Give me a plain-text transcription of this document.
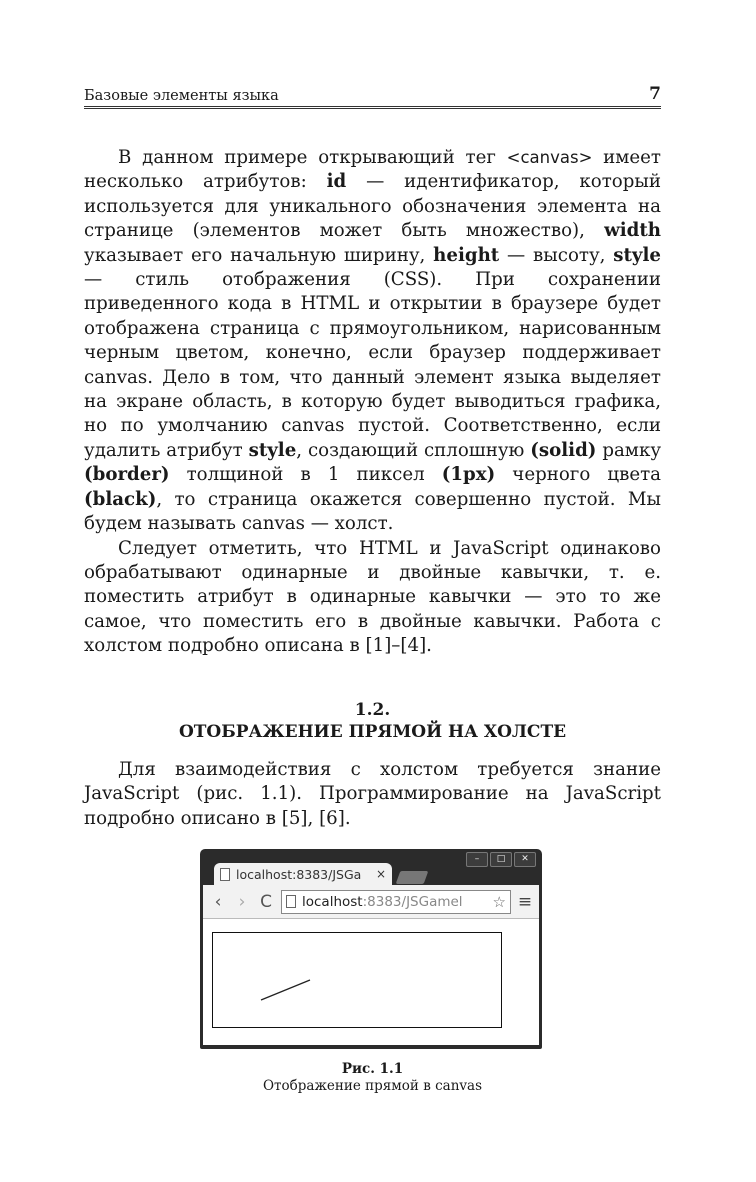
Базовые элементы языка	7

В данном примере открывающий тег <canvas> имеет несколько атрибутов: id — идентификатор, который используется для уникального обозначения элемента на странице (элементов может быть множество), width указывает его начальную ширину, height — высоту, style — стиль отображения (CSS). При сохранении приведенного кода в HTML и открытии в браузере будет отображена страница с прямоугольником, нарисованным черным цветом, конечно, если браузер поддерживает canvas. Дело в том, что данный элемент языка выделяет на экране область, в которую будет выводиться графика, но по умолчанию canvas пустой. Соответственно, если удалить атрибут style, создающий сплошную (solid) рамку (border) толщиной в 1 пиксел (1px) черного цвета (black), то страница окажется совершенно пустой. Мы будем называть canvas — холст.

Следует отметить, что HTML и JavaScript одинаково обрабатывают одинарные и двойные кавычки, т. е. поместить атрибут в одинарные кавычки — это то же самое, что поместить его в двойные кавычки. Работа с холстом подробно описана в [1]–[4].

1.2.
ОТОБРАЖЕНИЕ ПРЯМОЙ НА ХОЛСТЕ

Для взаимодействия с холстом требуется знание JavaScript (рис. 1.1). Программирование на JavaScript подробно описано в [5], [6].

–	□	✕
localhost:8383/JSGa	×
‹	› C localhost:8383/JSGamel	☆ ≡
Рис. 1.1
Отображение прямой в canvas
